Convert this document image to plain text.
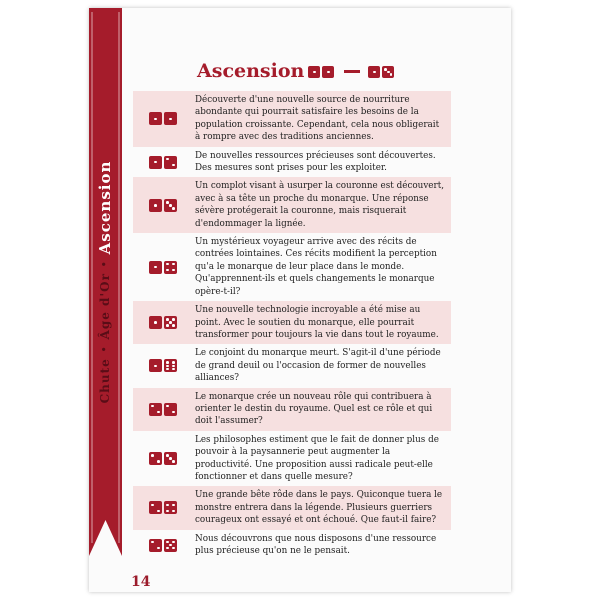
Chute
•
Âge d'Or
•
Ascension
Ascension
Découverte d'une nouvelle source de nourriture abondante qui pourrait satisfaire les besoins de la population croissante. Cependant, cela nous obligerait à rompre avec des traditions anciennes.
De nouvelles ressources précieuses sont découvertes. Des mesures sont prises pour les exploiter.
Un complot visant à usurper la couronne est découvert, avec à sa tête un proche du monarque. Une réponse sévère protégerait la couronne, mais risquerait d'endommager la lignée.
Un mystérieux voyageur arrive avec des récits de contrées lointaines. Ces récits modifient la perception qu'a le monarque de leur place dans le monde. Qu'apprennent-ils et quels changements le monarque opère-t-il?
Une nouvelle technologie incroyable a été mise au point. Avec le soutien du monarque, elle pourrait transformer pour toujours la vie dans tout le royaume.
Le conjoint du monarque meurt. S'agit-il d'une période de grand deuil ou l'occasion de former de nouvelles alliances?
Le monarque crée un nouveau rôle qui contribuera à orienter le destin du royaume. Quel est ce rôle et qui doit l'assumer?
Les philosophes estiment que le fait de donner plus de pouvoir à la paysannerie peut augmenter la productivité. Une proposition aussi radicale peut-elle fonctionner et dans quelle mesure?
Une grande bête rôde dans le pays. Quiconque tuera le monstre entrera dans la légende. Plusieurs guerriers courageux ont essayé et ont échoué. Que faut-il faire?
Nous découvrons que nous disposons d'une ressource plus précieuse qu'on ne le pensait.
14
